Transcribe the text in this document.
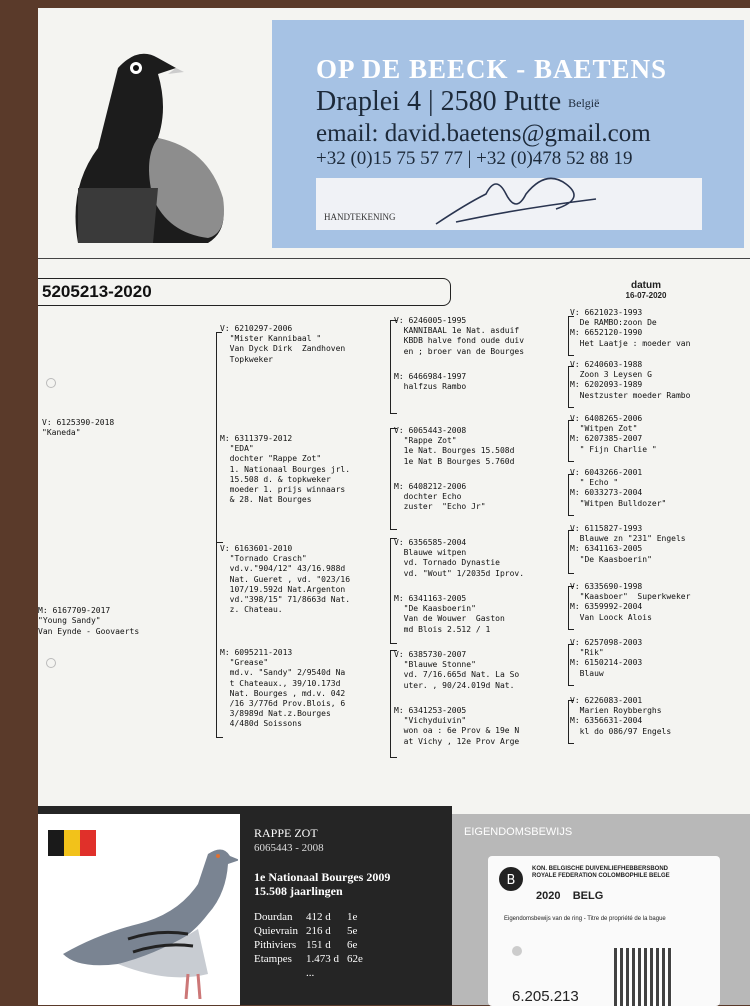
OP DE BEECK - BAETENS
Draplei 4 | 2580 Putte België
email: david.baetens@gmail.com
+32 (0)15 75 57 77 | +32 (0)478 52 88 19
HANDTEKENING
5205213-2020	datum
16-07-2020

V: 6125390-2018
"Kaneda"

M: 6167709-2017
"Young Sandy"
Van Eynde - Goovaerts
V: 6210297-2006
"Mister Kannibaal "
Van Dyck Dirk  Zandhoven
Topkweker
M: 6311379-2012
"EDA"
dochter "Rappe Zot"
1. Nationaal Bourges jrl.
15.508 d. & topkweker
moeder 1. prijs winnaars
& 28. Nat Bourges
V: 6163601-2010
"Tornado Crasch"
vd.v."904/12" 43/16.988d
Nat. Gueret , vd. "023/16
107/19.592d Nat.Argenton
vd."398/15" 71/8663d Nat.
z. Chateau.
M: 6095211-2013
"Grease"
md.v. "Sandy" 2/9540d Na
t Chateaux., 39/10.173d
Nat. Bourges , md.v. 042
/16 3/776d Prov.Blois, 6
3/8989d Nat.z.Bourges
4/480d Soissons
V: 6246005-1995
KANNIBAAL 1e Nat. asduif
KBDB halve fond oude duiv
en ; broer van de Bourges
M: 6466984-1997
halfzus Rambo
V: 6065443-2008
"Rappe Zot"
1e Nat. Bourges 15.508d
1e Nat B Bourges 5.760d
M: 6408212-2006
dochter Echo
zuster  "Echo Jr"
V: 6356585-2004
Blauwe witpen
vd. Tornado Dynastie
vd. "Wout" 1/2035d Iprov.
M: 6341163-2005
"De Kaasboerin"
Van de Wouwer  Gaston
md Blois 2.512 / 1
V: 6385730-2007
"Blauwe Stonne"
vd. 7/16.665d Nat. La So
uter. , 90/24.019d Nat.
M: 6341253-2005
"Vichyduivin"
won oa : 6e Prov & 19e N
at Vichy , 12e Prov Arge
V: 6621023-1993
De RAMBO:zoon De
M: 6652120-1990
Het Laatje : moeder van
V: 6240603-1988
Zoon 3 Leysen G
M: 6202093-1989
Nestzuster moeder Rambo
V: 6408265-2006
"Witpen Zot"
M: 6207385-2007
" Fijn Charlie "
V: 6043266-2001
" Echo "
M: 6033273-2004
"Witpen Bulldozer"
V: 6115827-1993
Blauwe zn "231" Engels
M: 6341163-2005
"De Kaasboerin"
V: 6335690-1998
"Kaasboer"  Superkweker
M: 6359992-2004
Van Loock Alois
V: 6257098-2003
"Rik"
M: 6150214-2003
Blauw
V: 6226083-2001
Marien Roybberghs
M: 6356631-2004
kl do 086/97 Engels
RAPPE ZOT
6065443 - 2008
1e Nationaal Bourges 2009
15.508 jaarlingen
Dourdan	412 d	1e
Quievrain	216 d	5e
Pithiviers	151 d	6e
Etampes	1.473 d	62e
	...	
EIGENDOMSBEWIJS
B
KON. BELGISCHE DUIVENLIEFHEBBERSBOND
ROYALE FEDERATION COLOMBOPHILE BELGE
2020 BELG
Eigendomsbewijs van de ring - Titre de propriété de la bague
6.205.213
